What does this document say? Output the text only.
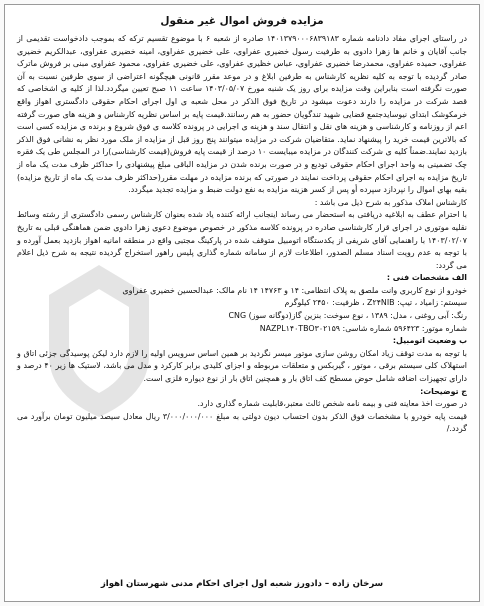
مزایده فروش اموال غیر منقول

در راستای اجرای مفاد دادنامه شماره ۱۴۰۱۳۷۹۰۰۰۶۸۳۹۱۸۳ صادره از شعبه ۶ با موضوع تقسیم ترکه که بموجب دادخواست تقدیمی از جانب آقایان و خانم ها زهرا دادوی به طرفیت رسول خضیری عفراوی، علی خضیری عفراوی، امینه خضیری عفراوی، عبدالکریم خضیری عفراوی، حمیده عفراوی، محمدرضا خضیری عفراوی، عباس خظیری عفراوی، علی خضیری عفراوی، محمود عفراوی مبنی بر فروش ماترک صادر گردیده با توجه به کلیه نظریه کارشناس به طرفین ابلاغ و در موعد مقرر قانونی هیچگونه اعتراضی از سوی طرفین نسبت به آن صورت نگرفته است بنابراین وقت مزایده برای روز یک شنبه مورخ ۱۴۰۳/۰۵/۰۷ ساعت ۱۱ صبح تعیین میگردد.لذا از کلیه ی اشخاصی که قصد شرکت در مزایده را دارند دعوت میشود در تاریخ فوق الذکر در محل شعبه ی اول اجرای احکام حقوقی دادگستری اهواز واقع خرمکوشک ابتدای نیوسایدجتمع قضایی شهید تندگویان حضور به هم رسانند.قیمت پایه بر اساس نظریه کارشناس و هزینه های صورت گرفته اعم از روزنامه و کارشناسی و هزینه های نقل و انتقال سند و هزینه ی اجرایی در پرونده کلاسه ی فوق شروع و برنده ی مزایده کسی است که بالاترین قیمت خرید را پیشنهاد نماید. متقاضیان شرکت در مزایده میتوانند پنج روز قبل از مزایده از ملک مورد نظر به نشانی فوق الذکر بازدید نمایند.ضمناً کلیه ی شرکت کنندگان در مزایده میبایست ۱۰ درصد از قیمت پایه فروش(قیمت کارشناسی)را در المجلس طی یک فقره چک تضمینی به واحد اجرای احکام حقوقی تودیع و در صورت برنده شدن در مزایده الباقی مبلغ پیشنهادی را حداکثر ظرف مدت یک ماه از تاریخ مزایده به اجرای احکام حقوقی پرداخت نمایند در صورتی که برنده مزایده در مهلت مقرر(حداکثر ظرف مدت یک ماه از تاریخ مزایده) بقیه بهای اموال را نپردازد سپرده أو پس از کسر هزینه مزایده به نفع دولت ضبط و مزایده تجدید میگردد.

کارشناس املاک مذکور به شرح ذیل می باشد :

با احترام عطف به ابلاغیه دریافتی به استحضار می رساند اینجانب ارائه کننده یاد شده بعنوان کارشناس رسمی دادگستری از رشته وسائط نقلیه موتوری در اجرای قرار کارشناسی صادره در پرونده کلاسه مذکور در خصوص موضوع دعوی زهرا دادوی ضمن هماهنگی قبلی به تاریخ ۱۴۰۳/۰۲/۰۷ با راهنمایی آقای شریفی از یکدستگاه اتومبیل متوقف شده در پارکینگ مجتبی واقع در منطقه امانیه اهواز بازدید بعمل آورده و با توجه به عدم رویت اسناد مسلم الصدور، اطلاعات لازم از سامانه شماره گذاری پلیس راهور استخراج گردیده نتیجه به شرح ذیل اعلام می گردد:

الف مشخصات فنی :

خودرو از نوع کاربری وانت ملصق به پلاک انتظامی: ۱۴ و ۱۴۷۶۳ ۱۴ نام مالک: عبدالحسین خضیری عفراوی

سیستم: زامیاد ، تیپ: Z۲۴NIB ، ظرفیت: ۲۴۵۰ کیلوگرم

رنگ: آبی روغنی ، مدل: ۱۳۸۹ ، نوع سوخت: بنزین گاز(دوگانه سوز) CNG

شماره موتور: ۵۹۶۴۲۳ شماره شاسی: NAZPL۱۴۰TBO۳۰۲۱۵۹

ب وضعیت اتومبیل:

با توجه به مدت توقف زیاد امکان روشن سازی موتور میسر نگردید بر همین اساس سرویس اولیه را لازم دارد لیکن پوسیدگی جزئی اتاق و استهلاک کلی سیستم برقی ، موتور ، گیربکس و متعلقات مربوطه و اجزای کلیدی برابر کارکرد و مدل می باشد، لاستیک ها زیر ۴۰ درصد و دارای تجهیزات اضافه شامل حوض مسطح کف اتاق بار و همچنین اتاق بار از نوع دیواره فلزی است.

ج توضیحات:

در صورت اخذ معاینه فنی و بیمه نامه شخص ثالث معتبر،قابلیت شماره گذاری دارد.

قیمت پایه خودرو با مشخصات فوق الذکر بدون احتساب دیون دولتی به مبلغ ۳/۰۰۰/۰۰۰/۰۰۰ ریال معادل سیصد میلیون تومان برآورد می گردد./

سرخان زاده – دادورز شعبه اول اجرای احکام مدنی شهرستان اهواز
